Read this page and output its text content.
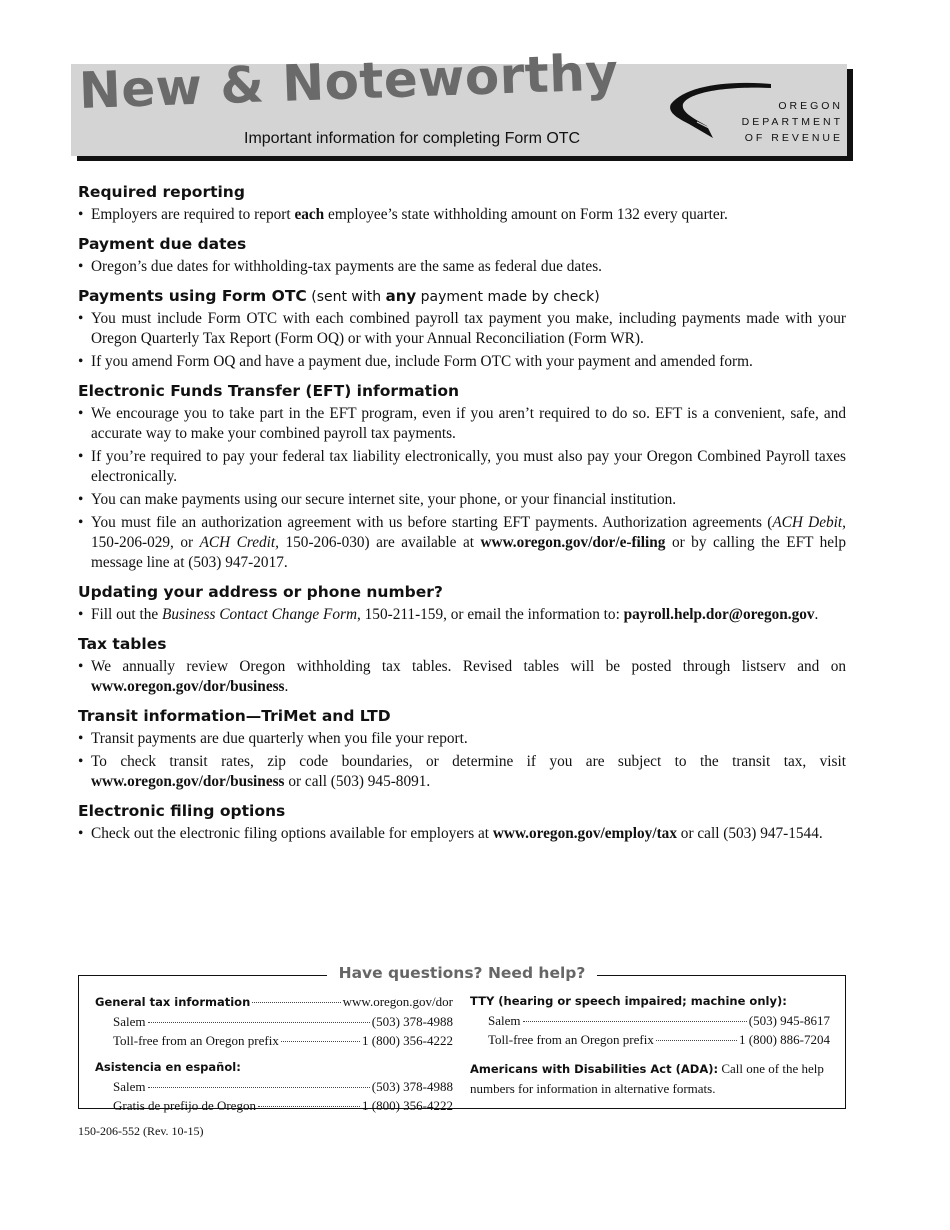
New & Noteworthy
Important information for completing Form OTC
OREGON
DEPARTMENT
OF REVENUE
Required reporting
• Employers are required to report each employee’s state withholding amount on Form 132 every quarter.
Payment due dates
• Oregon’s due dates for withholding-tax payments are the same as federal due dates.
Payments using Form OTC (sent with any payment made by check)
• You must include Form OTC with each combined payroll tax payment you make, including payments made with your Oregon Quarterly Tax Report (Form OQ) or with your Annual Reconciliation (Form WR).
• If you amend Form OQ and have a payment due, include Form OTC with your payment and amended form.
Electronic Funds Transfer (EFT) information
• We encourage you to take part in the EFT program, even if you aren’t required to do so. EFT is a convenient, safe, and accurate way to make your combined payroll tax payments.
• If you’re required to pay your federal tax liability electronically, you must also pay your Oregon Combined Payroll taxes electronically.
• You can make payments using our secure internet site, your phone, or your financial institution.
• You must file an authorization agreement with us before starting EFT payments. Authorization agreements (ACH Debit, 150-206-029, or ACH Credit, 150-206-030) are available at www.oregon.gov/dor/e-filing or by calling the EFT help message line at (503) 947-2017.
Updating your address or phone number?
• Fill out the Business Contact Change Form, 150-211-159, or email the information to: payroll.help.dor@oregon.gov.
Tax tables
• We annually review Oregon withholding tax tables. Revised tables will be posted through listserv and on www.oregon.gov/dor/business.
Transit information—TriMet and LTD
• Transit payments are due quarterly when you file your report.
• To check transit rates, zip code boundaries, or determine if you are subject to the transit tax, visit www.oregon.gov/dor/business or call (503) 945-8091.
Electronic filing options
• Check out the electronic filing options available for employers at www.oregon.gov/employ/tax or call (503) 947-1544.
Have questions? Need help?
General tax information	www.oregon.gov/dor
Salem	(503) 378-4988
Toll-free from an Oregon prefix	1 (800) 356-4222
Asistencia en español:
Salem	(503) 378-4988
Gratis de prefijo de Oregon	1 (800) 356-4222
TTY (hearing or speech impaired; machine only):
Salem	(503) 945-8617
Toll-free from an Oregon prefix	1 (800) 886-7204
Americans with Disabilities Act (ADA): Call one of the help numbers for information in alternative formats.
150-206-552 (Rev. 10-15)
